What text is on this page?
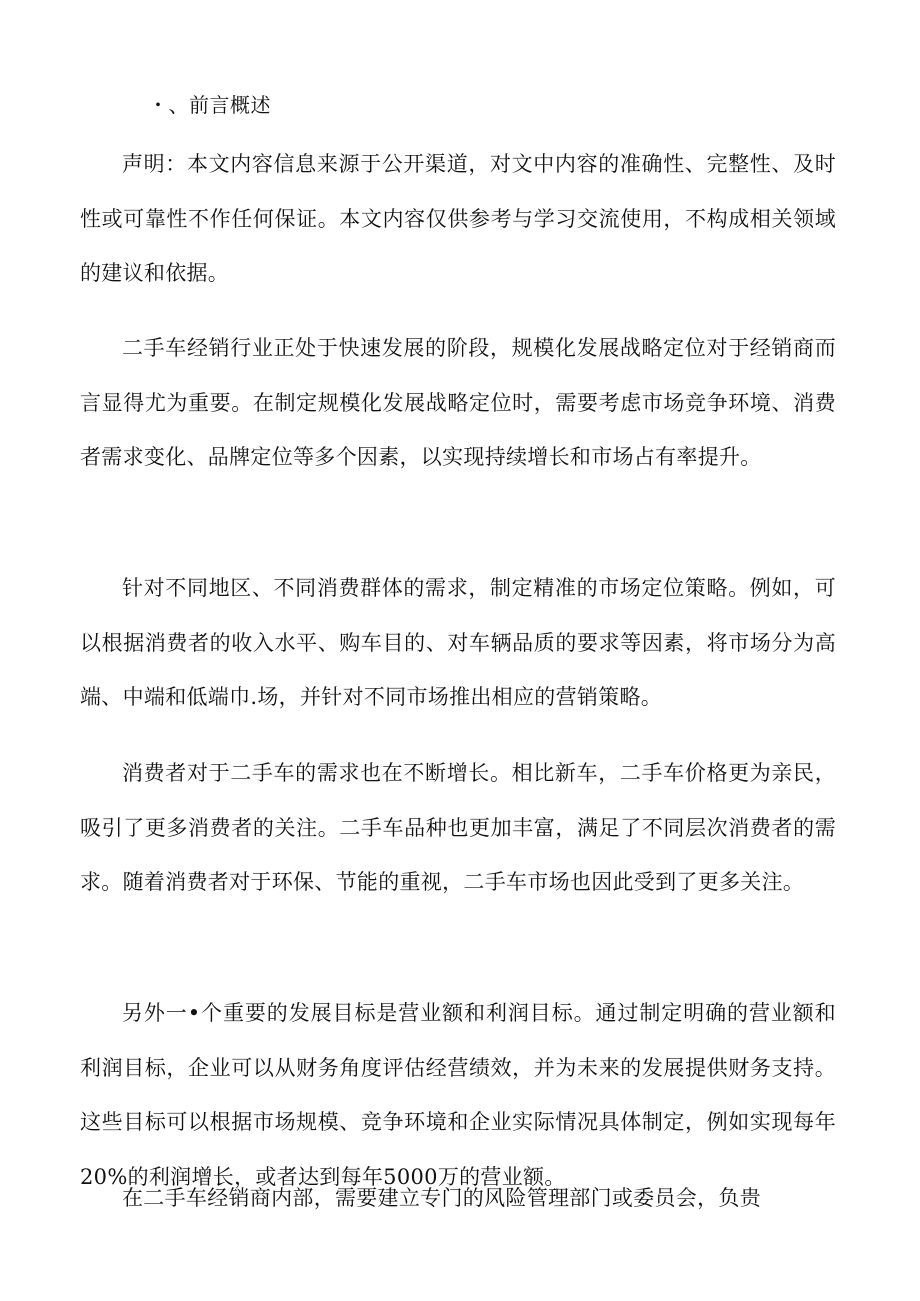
・、前言概述

声明：本文内容信息来源于公开渠道，对文中内容的准确性、完整性、及时性或可靠性不作任何保证。本文内容仅供参考与学习交流使用，不构成相关领域的建议和依据。

二手车经销行业正处于快速发展的阶段，规模化发展战略定位对于经销商而言显得尤为重要。在制定规模化发展战略定位时，需要考虑市场竞争环境、消费者需求变化、品牌定位等多个因素，以实现持续增长和市场占有率提升。

针对不同地区、不同消费群体的需求，制定精准的市场定位策略。例如，可以根据消费者的收入水平、购车目的、对车辆品质的要求等因素，将市场分为高端、中端和低端巾.场，并针对不同市场推出相应的营销策略。

消费者对于二手车的需求也在不断增长。相比新车，二手车价格更为亲民，吸引了更多消费者的关注。二手车品种也更加丰富，满足了不同层次消费者的需求。随着消费者对于环保、节能的重视，二手车市场也因此受到了更多关注。

另外一•个重要的发展目标是营业额和利润目标。通过制定明确的营业额和利润目标，企业可以从财务角度评估经营绩效，并为未来的发展提供财务支持。这些目标可以根据市场规模、竞争环境和企业实际情况具体制定，例如实现每年20%的利润增长，或者达到每年5000万的营业额。

在二手车经销商内部，需要建立专门的风险管理部门或委员会，负贵
